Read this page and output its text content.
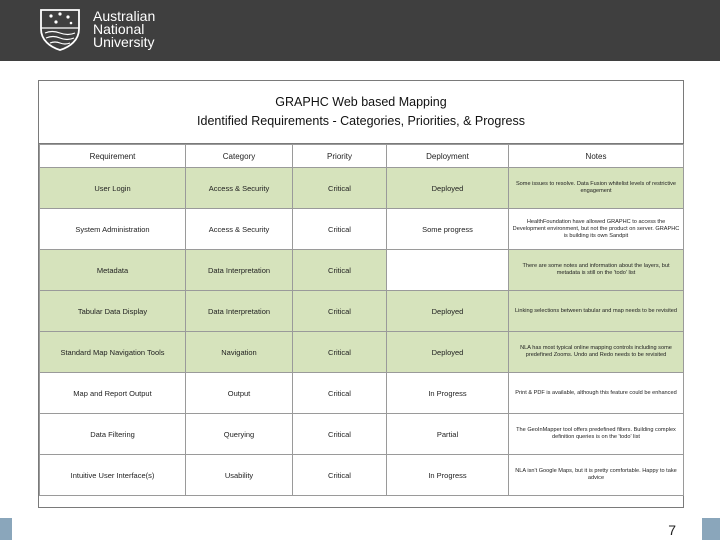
Australian
National
University
GRAPHC Web based Mapping
Identified Requirements - Categories, Priorities, & Progress
Requirement	Category	Priority	Deployment	Notes
User Login	Access & Security	Critical	Deployed	Some issues to resolve. Data Fusion whitelist levels of restrictive engagement
System Administration	Access & Security	Critical	Some progress	HealthFoundation have allowed GRAPHC to access the Development environment, but not the product on server. GRAPHC is building its own Sandpit
Metadata	Data Interpretation	Critical		There are some notes and information about the layers, but metadata is still on the 'todo' list
Tabular Data Display	Data Interpretation	Critical	Deployed	Linking selections between tabular and map needs to be revisited
Standard Map Navigation Tools	Navigation	Critical	Deployed	NLA has most typical online mapping controls including some predefined Zooms. Undo and Redo needs to be revisited
Map and Report Output	Output	Critical	In Progress	Print & PDF is available, although this feature could be enhanced
Data Filtering	Querying	Critical	Partial	The GeoInMapper tool offers predefined filters. Building complex definition queries is on the 'todo' list
Intuitive User Interface(s)	Usability	Critical	In Progress	NLA isn't Google Maps, but it is pretty comfortable. Happy to take advice
7
